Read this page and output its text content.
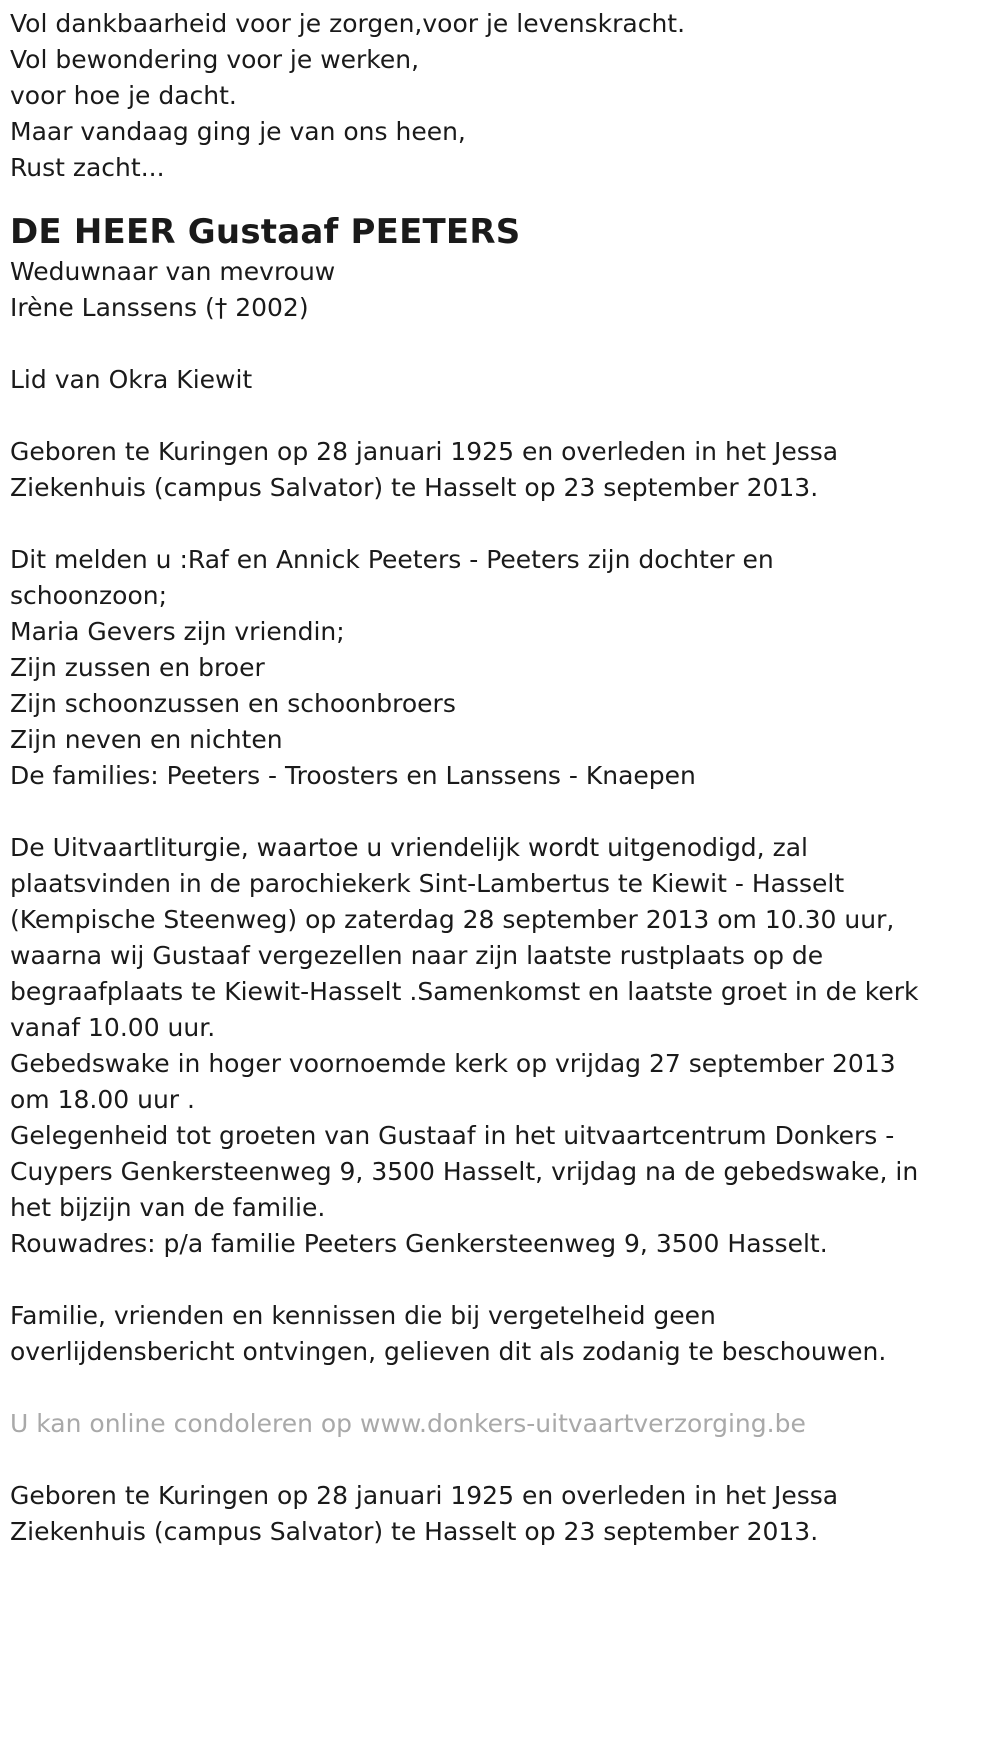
Vol dankbaarheid voor je zorgen,voor je levenskracht.
Vol bewondering voor je werken,
voor hoe je dacht.
Maar vandaag ging je van ons heen,
Rust zacht...
DE HEER Gustaaf PEETERS
Weduwnaar van mevrouw
Irène Lanssens († 2002)
Lid van Okra Kiewit
Geboren te Kuringen op 28 januari 1925 en overleden in het Jessa
Ziekenhuis (campus Salvator) te Hasselt op 23 september 2013.
Dit melden u :Raf en Annick Peeters - Peeters zijn dochter en
schoonzoon;
Maria Gevers zijn vriendin;
Zijn zussen en broer
Zijn schoonzussen en schoonbroers
Zijn neven en nichten
De families: Peeters - Troosters en Lanssens - Knaepen
De Uitvaartliturgie, waartoe u vriendelijk wordt uitgenodigd, zal
plaatsvinden in de parochiekerk Sint-Lambertus te Kiewit - Hasselt
(Kempische Steenweg) op zaterdag 28 september 2013 om 10.30 uur,
waarna wij Gustaaf vergezellen naar zijn laatste rustplaats op de
begraafplaats te Kiewit-Hasselt .Samenkomst en laatste groet in de kerk
vanaf 10.00 uur.
Gebedswake in hoger voornoemde kerk op vrijdag 27 september 2013
om 18.00 uur .
Gelegenheid tot groeten van Gustaaf in het uitvaartcentrum Donkers -
Cuypers Genkersteenweg 9, 3500 Hasselt, vrijdag na de gebedswake, in
het bijzijn van de familie.
Rouwadres: p/a familie Peeters Genkersteenweg 9, 3500 Hasselt.
Familie, vrienden en kennissen die bij vergetelheid geen
overlijdensbericht ontvingen, gelieven dit als zodanig te beschouwen.
U kan online condoleren op www.donkers-uitvaartverzorging.be
Geboren te Kuringen op 28 januari 1925 en overleden in het Jessa
Ziekenhuis (campus Salvator) te Hasselt op 23 september 2013.
